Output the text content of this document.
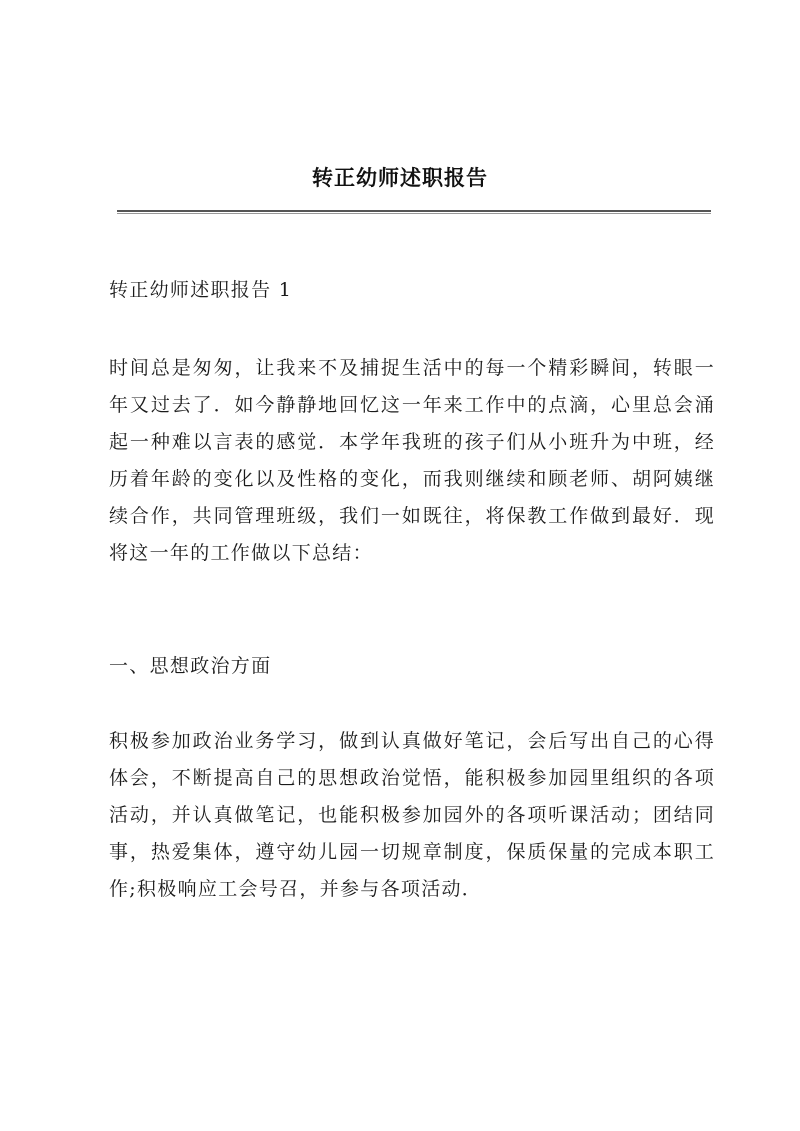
转正幼师述职报告

转正幼师述职报告 1

时间总是匆匆，让我来不及捕捉生活中的每一个精彩瞬间，转眼一年又过去了．如今静静地回忆这一年来工作中的点滴，心里总会涌起一种难以言表的感觉．本学年我班的孩子们从小班升为中班，经历着年龄的变化以及性格的变化，而我则继续和顾老师、胡阿姨继续合作，共同管理班级，我们一如既往，将保教工作做到最好．现将这一年的工作做以下总结：

一、思想政治方面

积极参加政治业务学习，做到认真做好笔记，会后写出自己的心得体会，不断提高自己的思想政治觉悟，能积极参加园里组织的各项活动，并认真做笔记，也能积极参加园外的各项听课活动；团结同事，热爱集体，遵守幼儿园一切规章制度，保质保量的完成本职工作;积极响应工会号召，并参与各项活动．
